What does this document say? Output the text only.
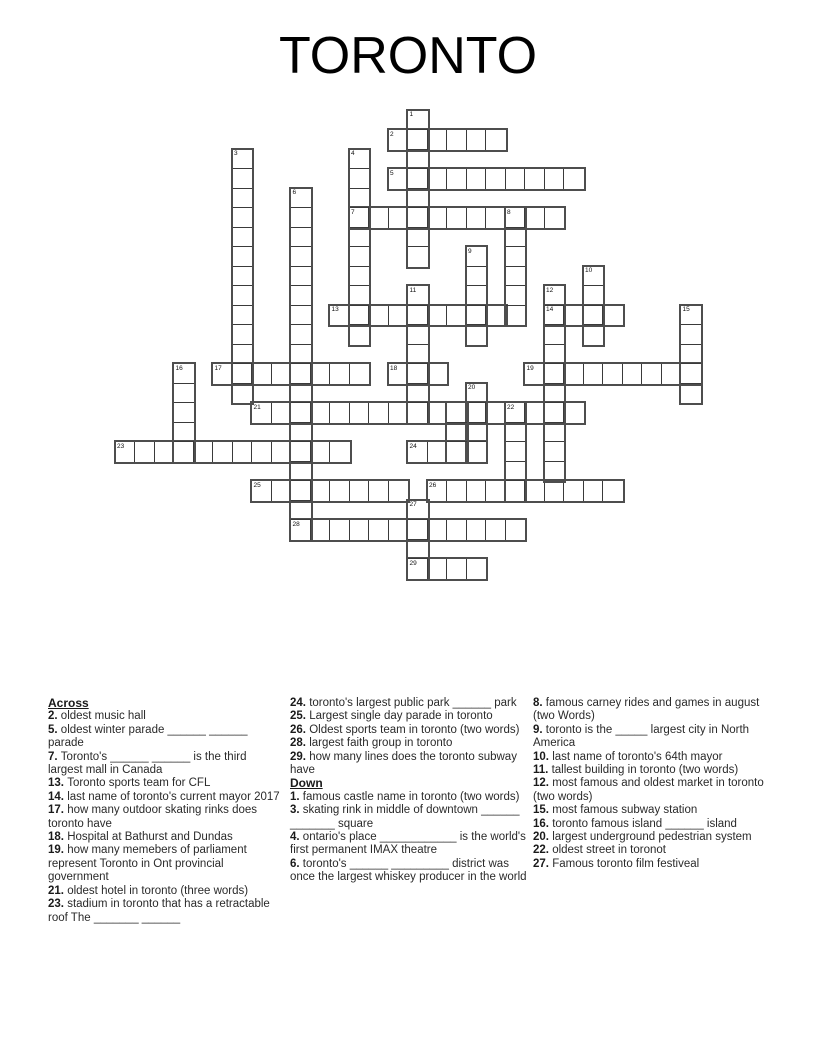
TORONTO
2
5
7
13	14
17	18	19
21
23	24
25	26
28
29
1
3	4
6
8
9
10
11	12
15
16
20
22
27
Across
2. oldest music hall
5. oldest winter parade ______ ______ parade
7. Toronto's ______ ______ is the third largest mall in Canada
13. Toronto sports team for CFL
14. last name of toronto's current mayor 2017
17. how many outdoor skating rinks does toronto have
18. Hospital at Bathurst and Dundas
19. how many memebers of parliament represent Toronto in Ont provincial government
21. oldest hotel in toronto (three words)
23. stadium in toronto that has a retractable roof The _______ ______
24. toronto's largest public park ______ park
25. Largest single day parade in toronto
26. Oldest sports team in toronto (two words)
28. largest faith group in toronto
29. how many lines does the toronto subway have
Down
1. famous castle name in toronto (two words)
3. skating rink in middle of downtown ______ _______ square
4. ontario's place ____________ is the world's first permanent IMAX theatre
6. toronto's ______ _________ district was once the largest whiskey producer in the world
8. famous carney rides and games in august (two Words)
9. toronto is the _____ largest city in North America
10. last name of toronto's 64th mayor
11. tallest building in toronto (two words)
12. most famous and oldest market in toronto (two words)
15. most famous subway station
16. toronto famous island ______ island
20. largest underground pedestrian system
22. oldest street in toronot
27. Famous toronto film festiveal
